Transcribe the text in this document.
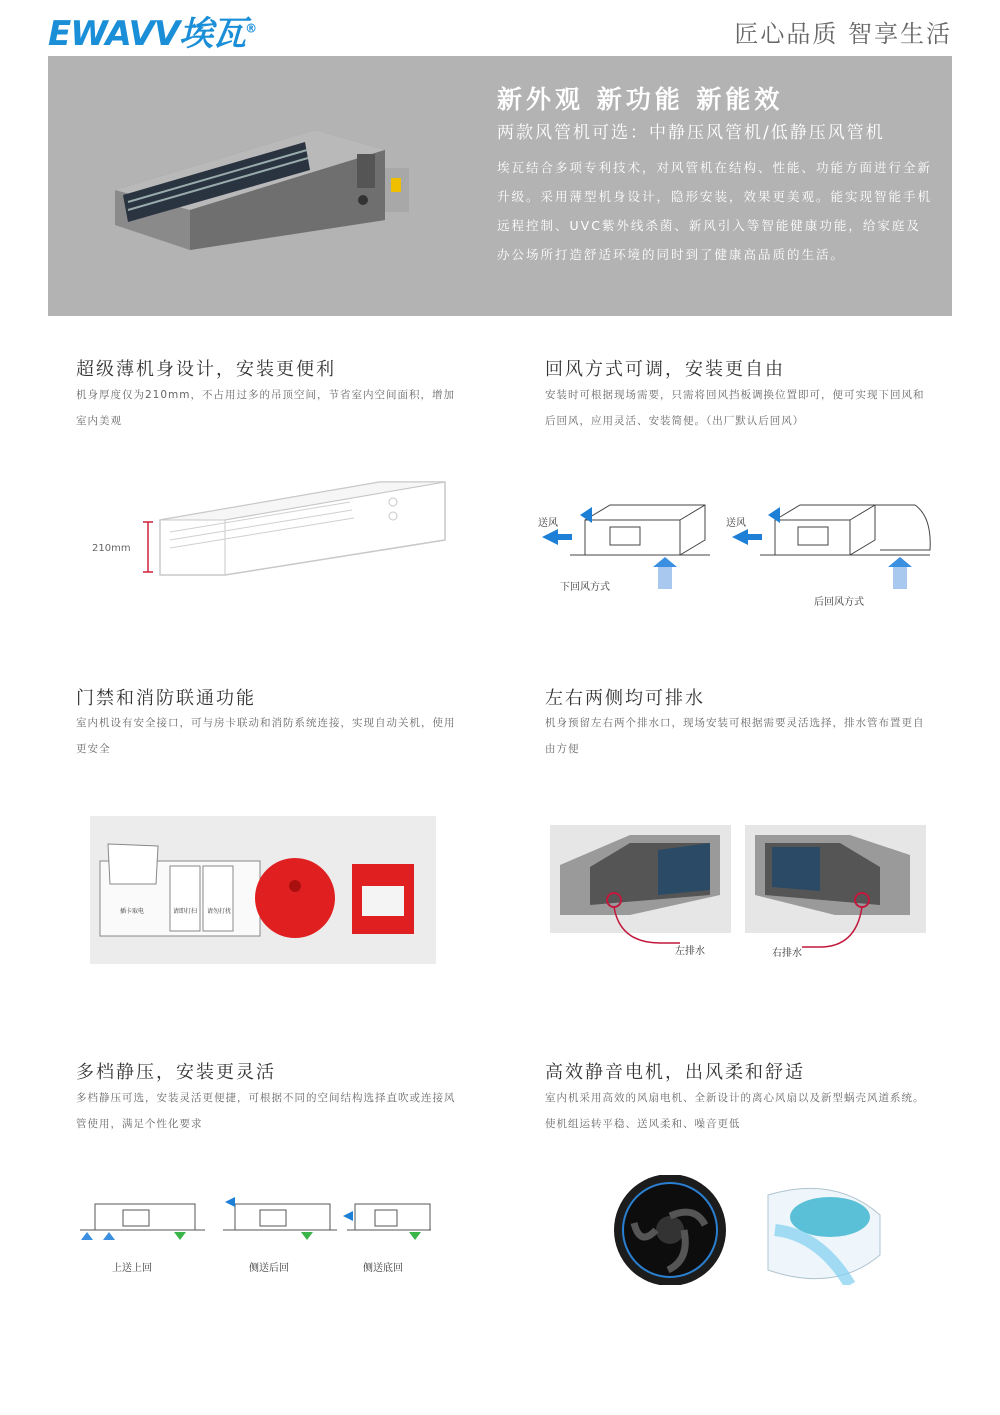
EWAVV埃瓦®	匠心品质 智享生活
新外观 新功能 新能效
两款风管机可选：中静压风管机/低静压风管机
埃瓦结合多项专利技术，对风管机在结构、性能、功能方面进行全新升级。采用薄型机身设计，隐形安装，效果更美观。能实现智能手机远程控制、UVC紫外线杀菌、新风引入等智能健康功能，给家庭及办公场所打造舒适环境的同时到了健康高品质的生活。
超级薄机身设计，安装更便利
机身厚度仅为210mm，不占用过多的吊顶空间，节省室内空间面积，增加室内美观
210mm
回风方式可调，安装更自由
安装时可根据现场需要，只需将回风挡板调换位置即可，便可实现下回风和后回风，应用灵活、安装简便。（出厂默认后回风）
送风	送风
下回风方式
后回风方式
门禁和消防联通功能
室内机设有安全接口，可与房卡联动和消防系统连接，实现自动关机，使用更安全
插卡取电	请即打扫 请勿打扰
左右两侧均可排水
机身预留左右两个排水口，现场安装可根据需要灵活选择，排水管布置更自由方便
左排水	右排水
多档静压，安装更灵活
多档静压可选，安装灵活更便捷，可根据不同的空间结构选择直吹或连接风管使用，满足个性化要求
上送上回	侧送后回	侧送底回
高效静音电机，出风柔和舒适
室内机采用高效的风扇电机、全新设计的离心风扇以及新型蜗壳风道系统。使机组运转平稳、送风柔和、噪音更低
